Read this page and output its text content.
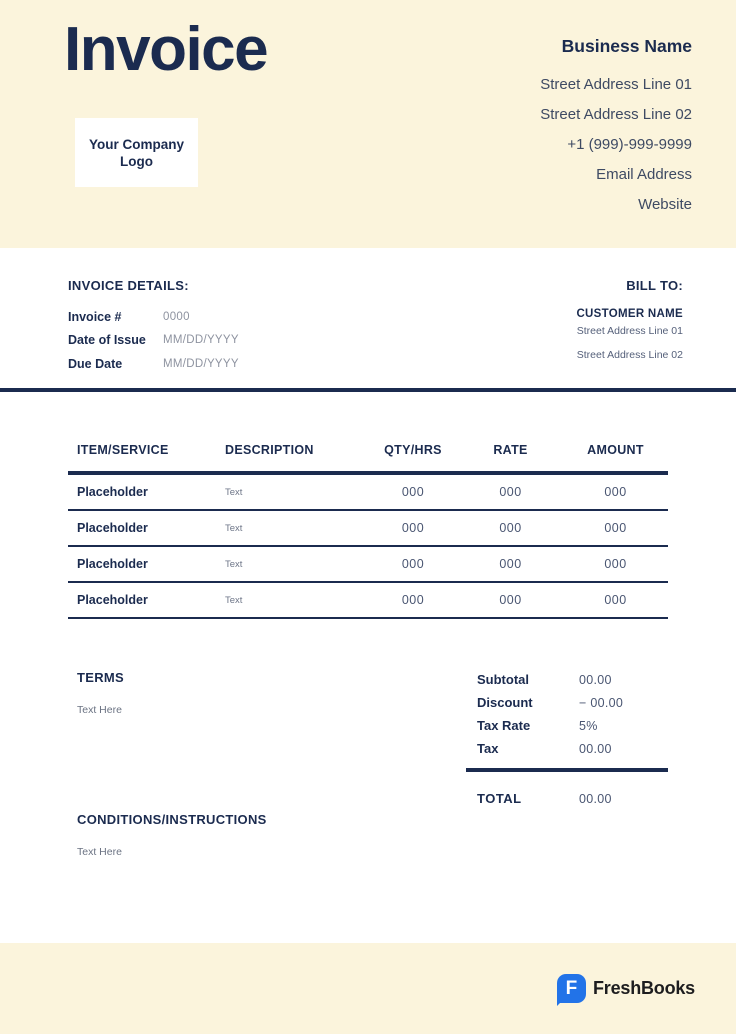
Invoice
Your Company Logo
Business Name
Street Address Line 01
Street Address Line 02
+1 (999)-999-9999
Email Address
Website
INVOICE DETAILS:
Invoice #	0000
Date of Issue	MM/DD/YYYY
Due Date	MM/DD/YYYY
BILL TO:
CUSTOMER NAME
Street Address Line 01
Street Address Line 02
ITEM/SERVICE	DESCRIPTION	QTY/HRS	RATE	AMOUNT
Placeholder	Text	000	000	000
Placeholder	Text	000	000	000
Placeholder	Text	000	000	000
Placeholder	Text	000	000	000
TERMS
Text Here
Subtotal	00.00
Discount	− 00.00
Tax Rate	5%
Tax	00.00
TOTAL	00.00
CONDITIONS/INSTRUCTIONS
Text Here
F FreshBooks
